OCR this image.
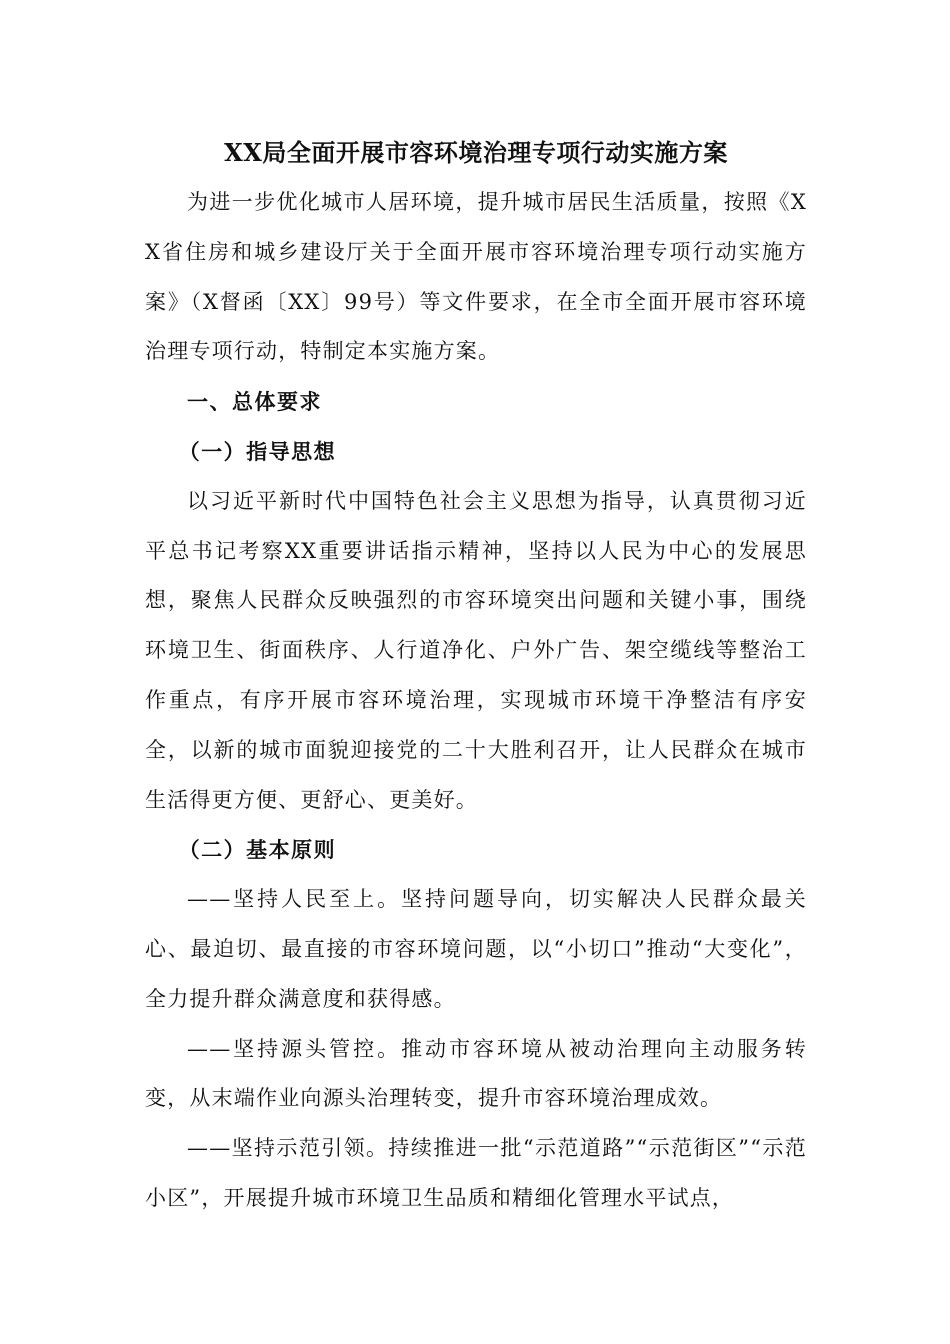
XX局全面开展市容环境治理专项行动实施方案

为进一步优化城市人居环境，提升城市居民生活质量，按照《XX省住房和城乡建设厅关于全面开展市容环境治理专项行动实施方案》（X督函〔XX〕99号）等文件要求，在全市全面开展市容环境治理专项行动，特制定本实施方案。

一、总体要求

（一）指导思想

以习近平新时代中国特色社会主义思想为指导，认真贯彻习近平总书记考察XX重要讲话指示精神，坚持以人民为中心的发展思想，聚焦人民群众反映强烈的市容环境突出问题和关键小事，围绕环境卫生、街面秩序、人行道净化、户外广告、架空缆线等整治工作重点，有序开展市容环境治理，实现城市环境干净整洁有序安全，以新的城市面貌迎接党的二十大胜利召开，让人民群众在城市生活得更方便、更舒心、更美好。

（二）基本原则

——坚持人民至上。坚持问题导向，切实解决人民群众最关心、最迫切、最直接的市容环境问题，以“小切口”推动“大变化”，全力提升群众满意度和获得感。

——坚持源头管控。推动市容环境从被动治理向主动服务转变，从末端作业向源头治理转变，提升市容环境治理成效。

——坚持示范引领。持续推进一批“示范道路”“示范街区”“示范小区”，开展提升城市环境卫生品质和精细化管理水平试点，
